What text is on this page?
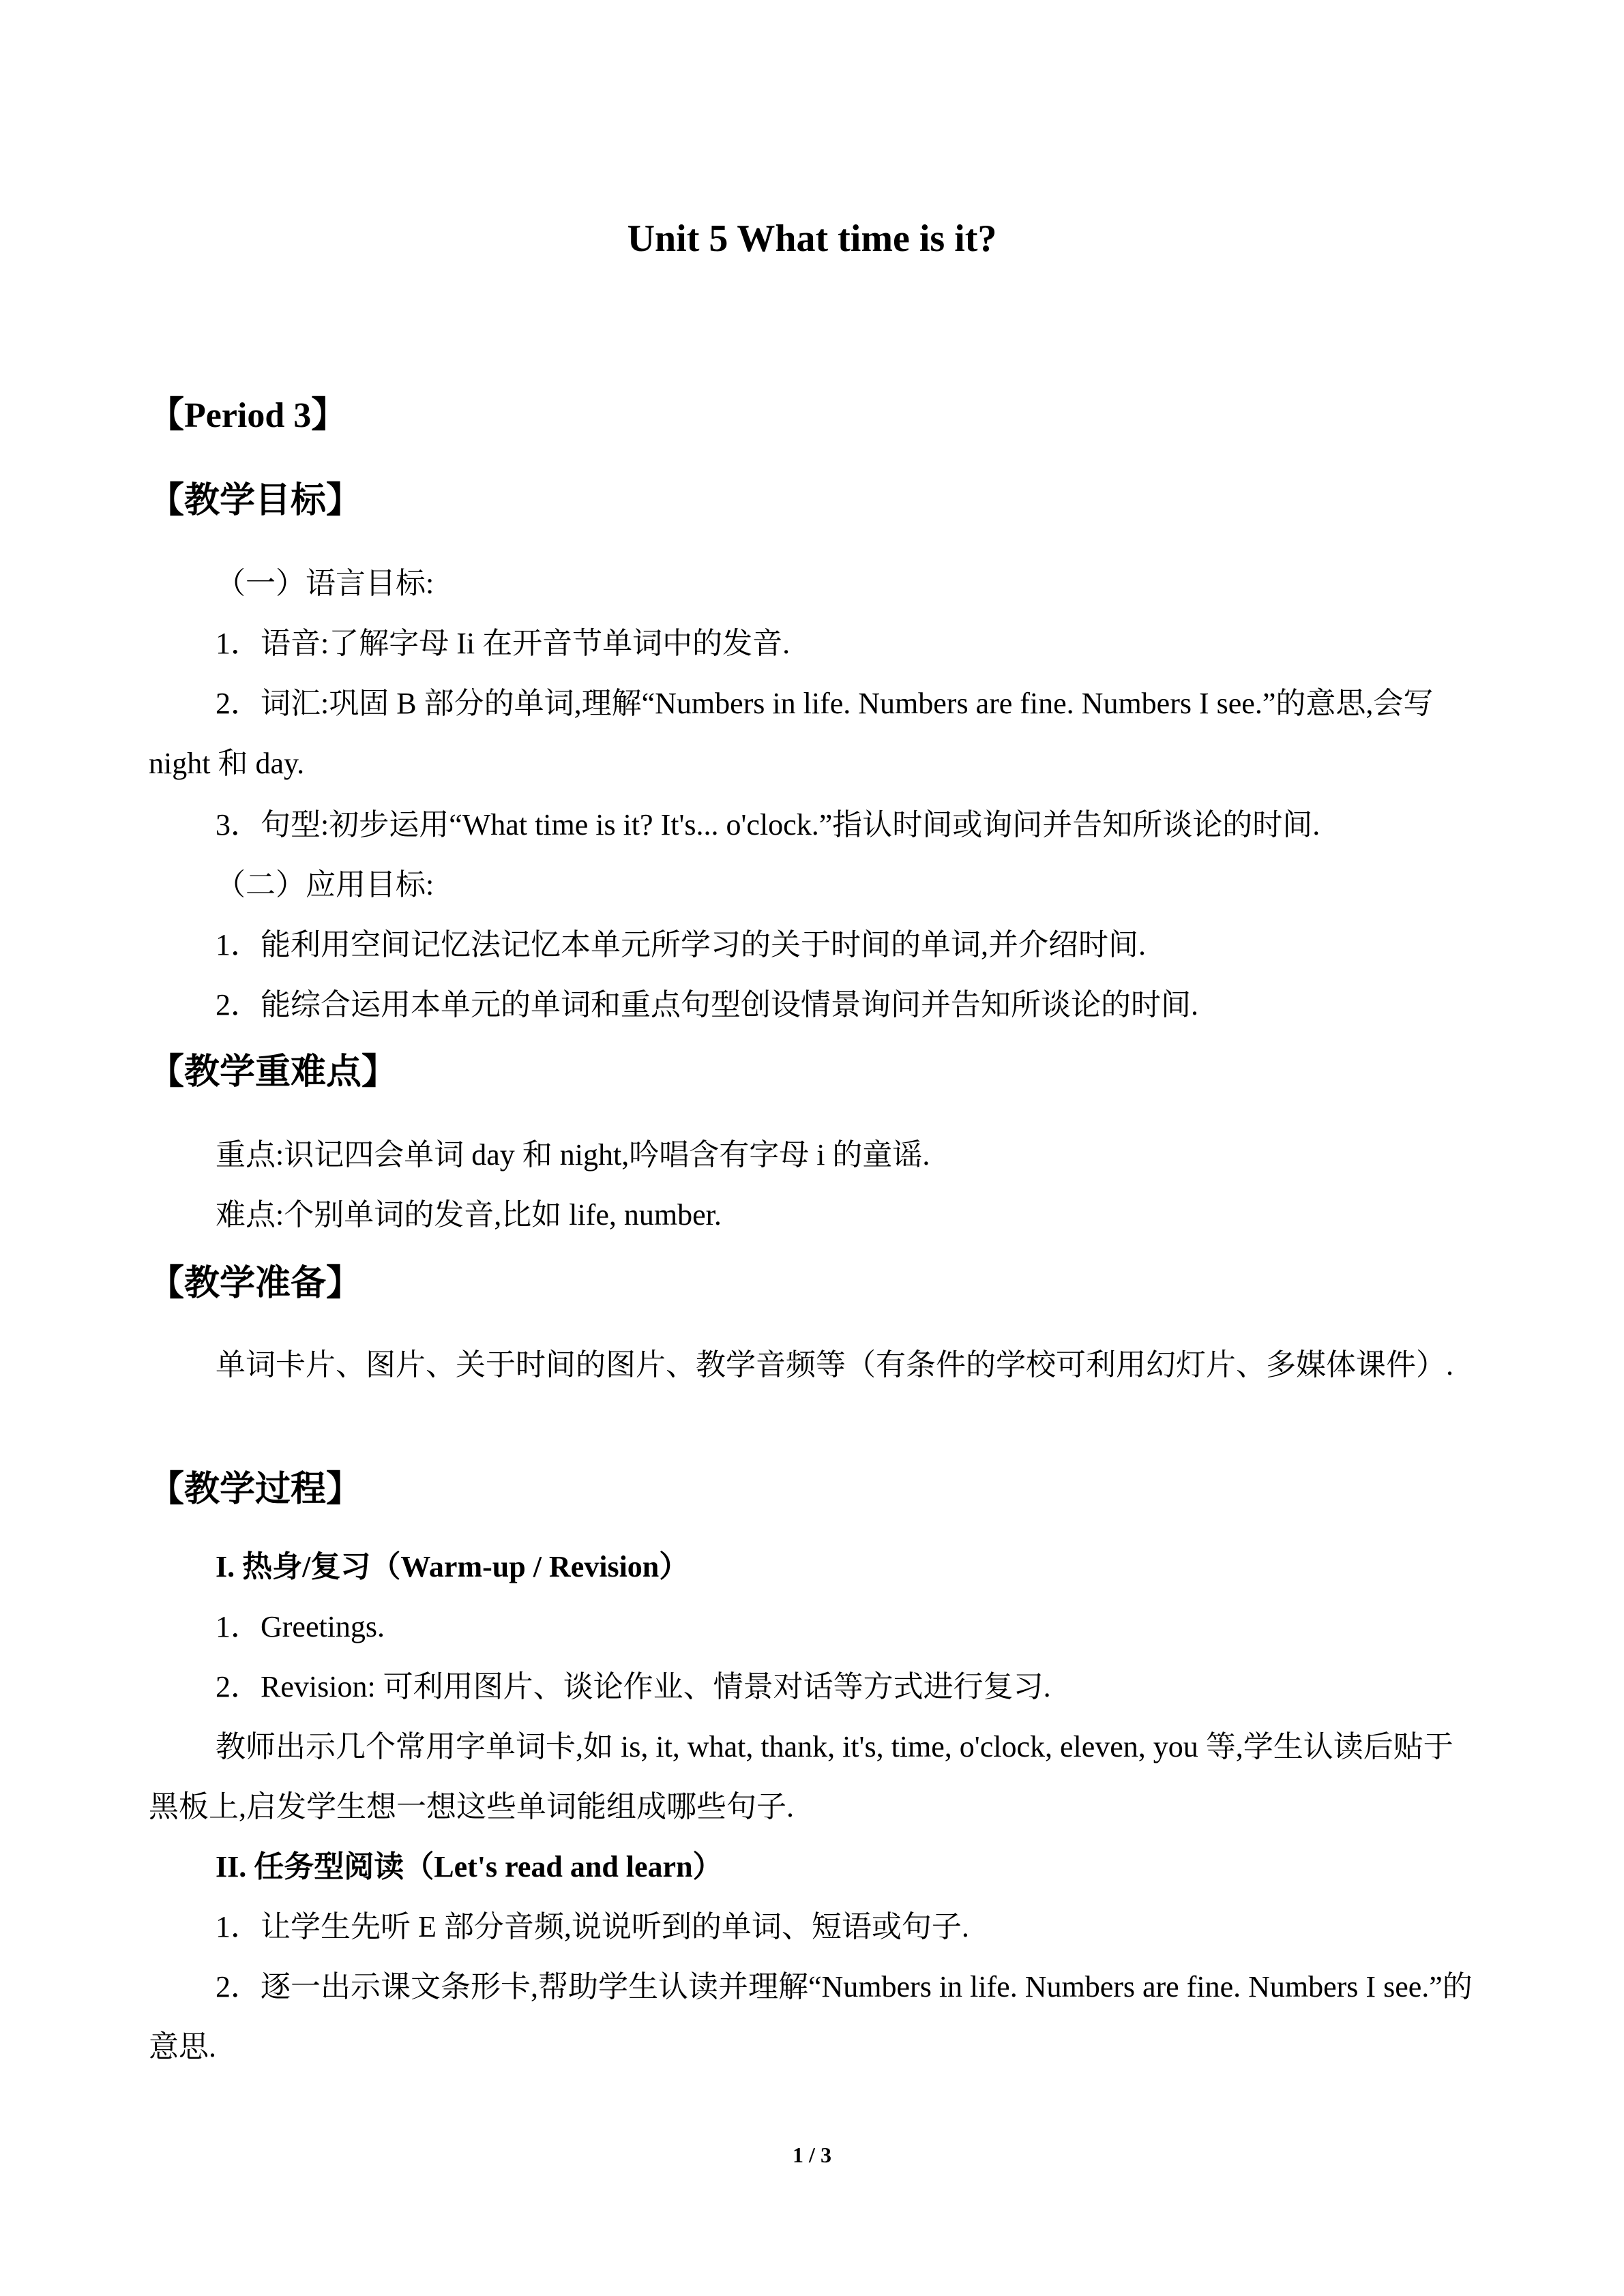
Unit 5 What time is it?
【Period 3】
【教学目标】
（一）语言目标:
1．语音:了解字母 Ii 在开音节单词中的发音.

2．词汇:巩固 B 部分的单词,理解“Numbers in life. Numbers are fine. Numbers I see.”的意思,会写 night 和 day.

3．句型:初步运用“What time is it? It's... o'clock.”指认时间或询问并告知所谈论的时间.
（二）应用目标:
1．能利用空间记忆法记忆本单元所学习的关于时间的单词,并介绍时间.
2．能综合运用本单元的单词和重点句型创设情景询问并告知所谈论的时间.
【教学重难点】
重点:识记四会单词 day 和 night,吟唱含有字母 i 的童谣.
难点:个别单词的发音,比如 life, number.
【教学准备】

单词卡片、图片、关于时间的图片、教学音频等（有条件的学校可利用幻灯片、多媒体课件）.

【教学过程】
I. 热身/复习（Warm-up / Revision）
1．Greetings.
2．Revision: 可利用图片、谈论作业、情景对话等方式进行复习.

教师出示几个常用字单词卡,如 is, it, what, thank, it's, time, o'clock, eleven, you 等,学生认读后贴于黑板上,启发学生想一想这些单词能组成哪些句子.

II. 任务型阅读（Let's read and learn）
1．让学生先听 E 部分音频,说说听到的单词、短语或句子.

2．逐一出示课文条形卡,帮助学生认读并理解“Numbers in life. Numbers are fine. Numbers I see.”的意思.

1 / 3
